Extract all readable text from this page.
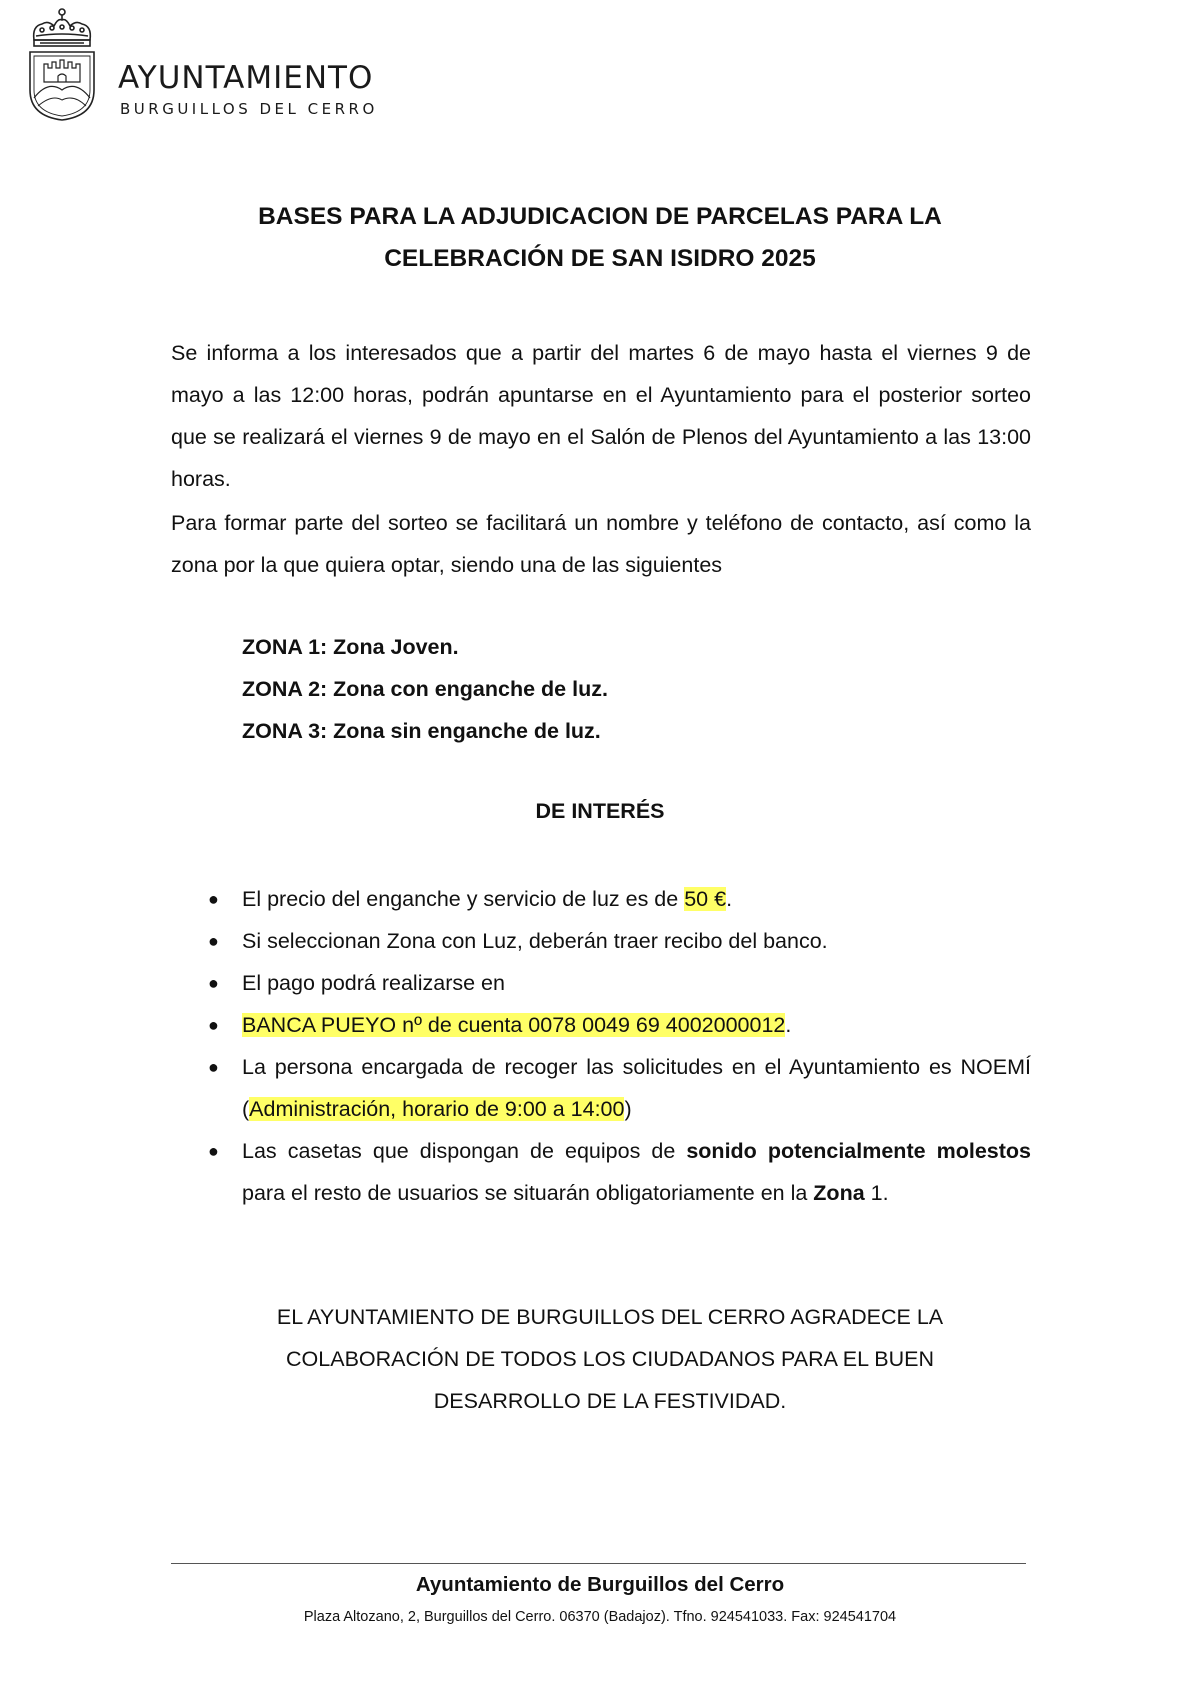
AYUNTAMIENTO
BURGUILLOS DEL CERRO
BASES PARA LA ADJUDICACION DE PARCELAS PARA LA
CELEBRACIÓN DE SAN ISIDRO 2025
Se informa a los interesados que a partir del martes 6 de mayo hasta el viernes 9 de mayo a las 12:00 horas, podrán apuntarse en el Ayuntamiento para el posterior sorteo que se realizará el viernes 9 de mayo en el Salón de Plenos del Ayuntamiento a las 13:00 horas.
Para formar parte del sorteo se facilitará un nombre y teléfono de contacto, así como la zona por la que quiera optar, siendo una de las siguientes
ZONA 1: Zona Joven.
ZONA 2: Zona con enganche de luz.
ZONA 3: Zona sin enganche de luz.
DE INTERÉS
● El precio del enganche y servicio de luz es de 50 €.
● Si seleccionan Zona con Luz, deberán traer recibo del banco.
● El pago podrá realizarse en
● BANCA PUEYO nº de cuenta 0078 0049 69 4002000012.
● La persona encargada de recoger las solicitudes en el Ayuntamiento es NOEMÍ (Administración, horario de 9:00 a 14:00)
● Las casetas que dispongan de equipos de sonido potencialmente molestos para el resto de usuarios se situarán obligatoriamente en la Zona 1.
EL AYUNTAMIENTO DE BURGUILLOS DEL CERRO AGRADECE LA
COLABORACIÓN DE TODOS LOS CIUDADANOS PARA EL BUEN
DESARROLLO DE LA FESTIVIDAD.
Ayuntamiento de Burguillos del Cerro
Plaza Altozano, 2, Burguillos del Cerro. 06370 (Badajoz). Tfno. 924541033. Fax: 924541704
